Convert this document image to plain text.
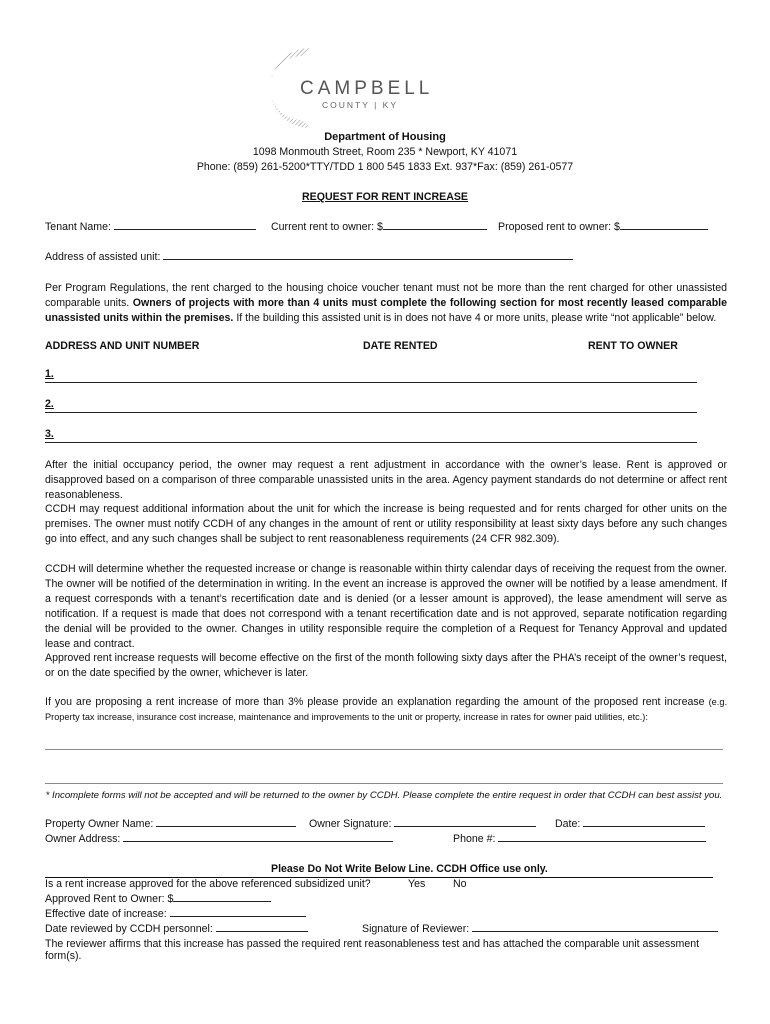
CAMPBELL
COUNTY | KY
Department of Housing
1098 Monmouth Street, Room 235 * Newport, KY 41071
Phone: (859) 261-5200*TTY/TDD 1 800 545 1833 Ext. 937*Fax: (859) 261-0577
REQUEST FOR RENT INCREASE
Tenant Name:	Current rent to owner: $	Proposed rent to owner: $
Address of assisted unit:

Per Program Regulations, the rent charged to the housing choice voucher tenant must not be more than the rent charged for other unassisted comparable units. Owners of projects with more than 4 units must complete the following section for most recently leased comparable unassisted units within the premises. If the building this assisted unit is in does not have 4 or more units, please write “not applicable” below.

ADDRESS AND UNIT NUMBER	DATE RENTED	RENT TO OWNER
1.
2.
3.

After the initial occupancy period, the owner may request a rent adjustment in accordance with the owner’s lease. Rent is approved or disapproved based on a comparison of three comparable unassisted units in the area. Agency payment standards do not determine or affect rent reasonableness.

CCDH may request additional information about the unit for which the increase is being requested and for rents charged for other units on the premises. The owner must notify CCDH of any changes in the amount of rent or utility responsibility at least sixty days before any such changes go into effect, and any such changes shall be subject to rent reasonableness requirements (24 CFR 982.309).

CCDH will determine whether the requested increase or change is reasonable within thirty calendar days of receiving the request from the owner. The owner will be notified of the determination in writing. In the event an increase is approved the owner will be notified by a lease amendment. If a request corresponds with a tenant’s recertification date and is denied (or a lesser amount is approved), the lease amendment will serve as notification. If a request is made that does not correspond with a tenant recertification date and is not approved, separate notification regarding the denial will be provided to the owner. Changes in utility responsible require the completion of a Request for Tenancy Approval and updated lease and contract.

Approved rent increase requests will become effective on the first of the month following sixty days after the PHA’s receipt of the owner’s request, or on the date specified by the owner, whichever is later.

If you are proposing a rent increase of more than 3% please provide an explanation regarding the amount of the proposed rent increase (e.g. Property tax increase, insurance cost increase, maintenance and improvements to the unit or property, increase in rates for owner paid utilities, etc.):

* Incomplete forms will not be accepted and will be returned to the owner by CCDH. Please complete the entire request in order that CCDH can best assist you.
Property Owner Name:	Owner Signature:	Date:
Owner Address:	Phone #:
Please Do Not Write Below Line. CCDH Office use only.
Is a rent increase approved for the above referenced subsidized unit?	Yes	No
Approved Rent to Owner: $
Effective date of increase:
Date reviewed by CCDH personnel:	Signature of Reviewer:
The reviewer affirms that this increase has passed the required rent reasonableness test and has attached the comparable unit assessment form(s).
